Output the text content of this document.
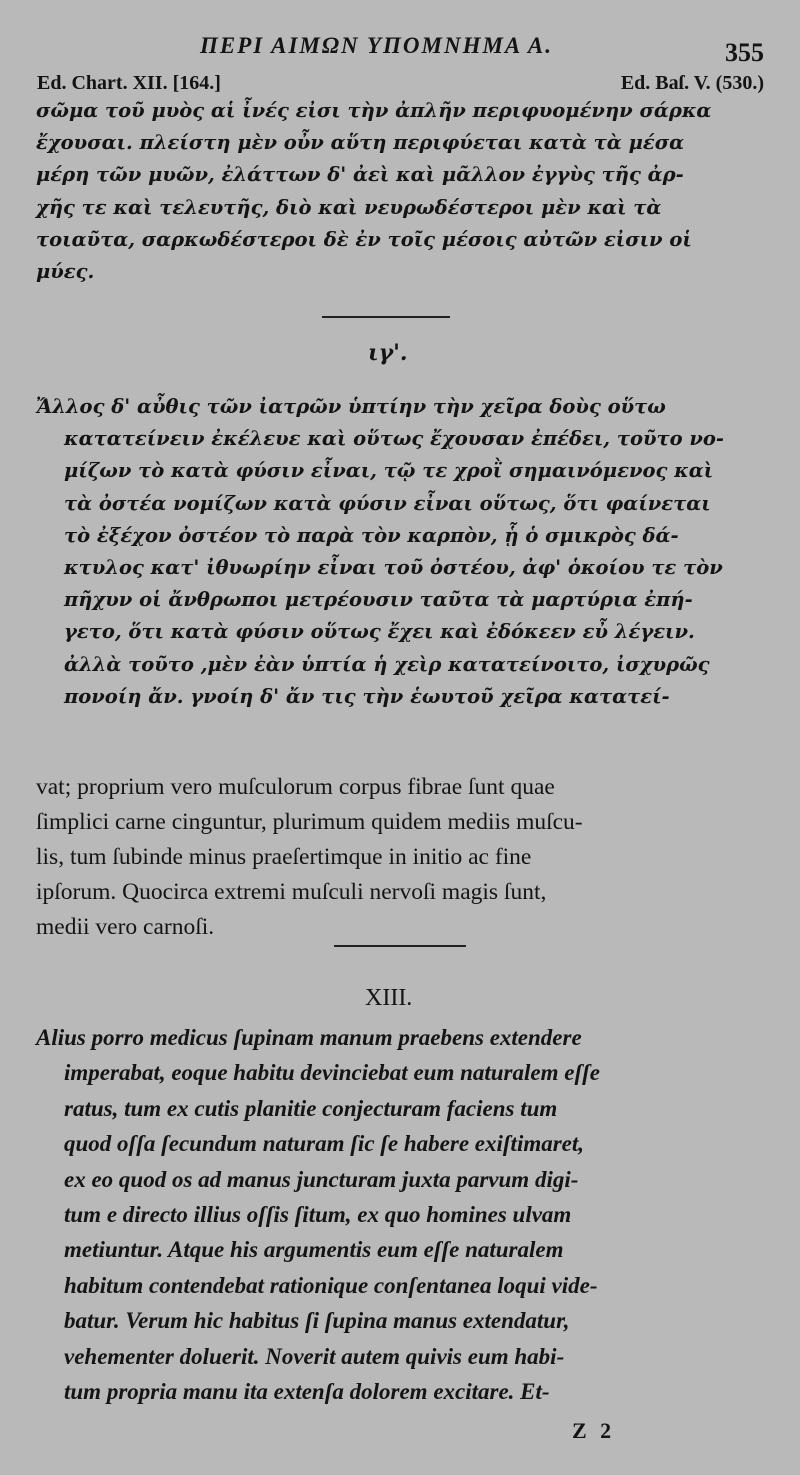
ΠΕΡΙ ΑΙΜΩΝ ΥΠΟΜΝΗΜΑ Α.	355
Ed. Chart. XII. [164.]	Ed. Baſ. V. (530.)
σῶμα τοῦ μυὸς αἱ ἶνές εἰσι τὴν ἀπλῆν περιφυομένην σάρκα
ἔχουσαι. πλείστη μὲν οὖν αὕτη περιφύεται κατὰ τὰ μέσα
μέρη τῶν μυῶν, ἐλάττων δ' ἀεὶ καὶ μᾶλλον ἐγγὺς τῆς ἀρ-
χῆς τε καὶ τελευτῆς, διὸ καὶ νευρωδέστεροι μὲν καὶ τὰ
τοιαῦτα, σαρκωδέστεροι δὲ ἐν τοῖς μέσοις αὐτῶν εἰσιν οἱ
μύες.
ιγ'.
Ἄλλος δ' αὖθις τῶν ἰατρῶν ὑπτίην τὴν χεῖρα δοὺς οὕτω
κατατείνειν ἐκέλευε καὶ οὕτως ἔχουσαν ἐπέδει, τοῦτο νο-
μίζων τὸ κατὰ φύσιν εἶναι, τῷ τε χροῒ σημαινόμενος καὶ
τὰ ὀστέα νομίζων κατὰ φύσιν εἶναι οὕτως, ὅτι φαίνεται
τὸ ἐξέχον ὀστέον τὸ παρὰ τὸν καρπὸν, ᾗ ὁ σμικρὸς δά-
κτυλος κατ' ἰθυωρίην εἶναι τοῦ ὀστέου, ἀφ' ὁκοίου τε τὸν
πῆχυν οἱ ἄνθρωποι μετρέουσιν ταῦτα τὰ μαρτύρια ἐπή-
γετο, ὅτι κατὰ φύσιν οὕτως ἔχει καὶ ἐδόκεεν εὖ λέγειν.
ἀλλὰ τοῦτο ,μὲν ἐὰν ὑπτία ἡ χεὶρ κατατείνοιτο, ἰσχυρῶς
πονοίη ἄν. γνοίη δ' ἄν τις τὴν ἑωυτοῦ χεῖρα κατατεί-
vat; proprium vero muſculorum corpus fibrae ſunt quae
ſimplici carne cinguntur, plurimum quidem mediis muſcu-
lis, tum ſubinde minus praeſertimque in initio ac fine
ipſorum. Quocirca extremi muſculi nervoſi magis ſunt,
medii vero carnoſi.
XIII.
Alius porro medicus ſupinam manum praebens extendere
imperabat, eoque habitu devinciebat eum naturalem eſſe
ratus, tum ex cutis planitie conjecturam faciens tum
quod oſſa ſecundum naturam ſic ſe habere exiſtimaret,
ex eo quod os ad manus juncturam juxta parvum digi-
tum e directo illius oſſis ſitum, ex quo homines ulvam
metiuntur. Atque his argumentis eum eſſe naturalem
habitum contendebat rationique conſentanea loqui vide-
batur. Verum hic habitus ſi ſupina manus extendatur,
vehementer doluerit. Noverit autem quivis eum habi-
tum propria manu ita extenſa dolorem excitare. Et-
Z 2
